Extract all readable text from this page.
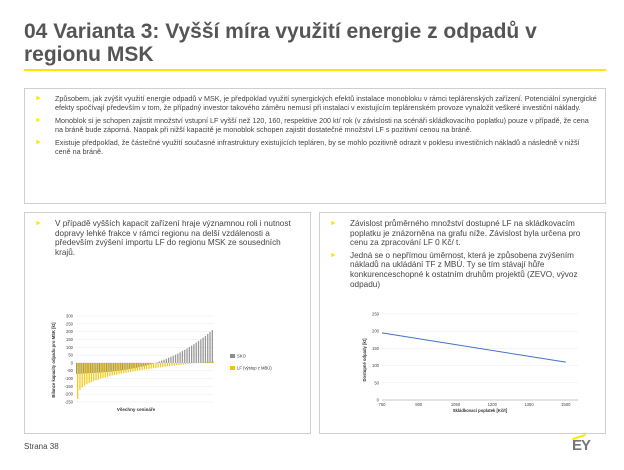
04 Varianta 3: Vyšší míra využití energie z odpadů v regionu MSK
► Způsobem, jak zvýšit využití energie odpadů v MSK, je předpoklad využití synergických efektů instalace monobloku v rámci teplárenských zařízení. Potenciální synergické efekty spočívají především v tom, že případný investor takového záměru nemusí při instalaci v existujícím teplárenském provoze vynaložit veškeré investiční náklady.
► Monoblok si je schopen zajistit množství vstupní LF vyšší než 120, 160, respektive 200 kt/ rok (v závislosti na scénáři skládkovacího poplatku) pouze v případě, že cena na bráně bude záporná. Naopak při nižší kapacitě je monoblok schopen zajistit dostatečné množství LF s pozitivní cenou na bráně.
► Existuje předpoklad, že částečné využití současné infrastruktury existujících tepláren, by se mohlo pozitivně odrazit v poklesu investičních nákladů a následně v nižší ceně na bráně.
► V případě vyšších kapacit zařízení hraje významnou roli i nutnost dopravy lehké frakce v rámci regionu na delší vzdálenosti a především zvýšení importu LF do regionu MSK ze sousedních krajů.
► Závislost průměrného množství dostupné LF na skládkovacím poplatku je znázorněna na grafu níže. Závislost byla určena pro cenu za zpracování LF 0 Kč/ t.
► Jedná se o nepřímou úměrnost, která je způsobena zvýšením nákladů na ukládání TF z MBÚ. Ty se tím stávají hůře konkurenceschopné k ostatním druhům projektů (ZEVO, vývoz odpadu)
300
250
200
150
100
50
0
-50
-100
-150
-200
-250
Bilance kapacity odpadu pro MSK [kt]
Všechny cenináře
SKO
LF (výstup z MBÚ)
250
200
150
100
50
0
750	900	1050	1200	1350	1500
Dostupné odpady [kt]
Skládkovací poplatek [Kč/t]
Strana 38	EY
